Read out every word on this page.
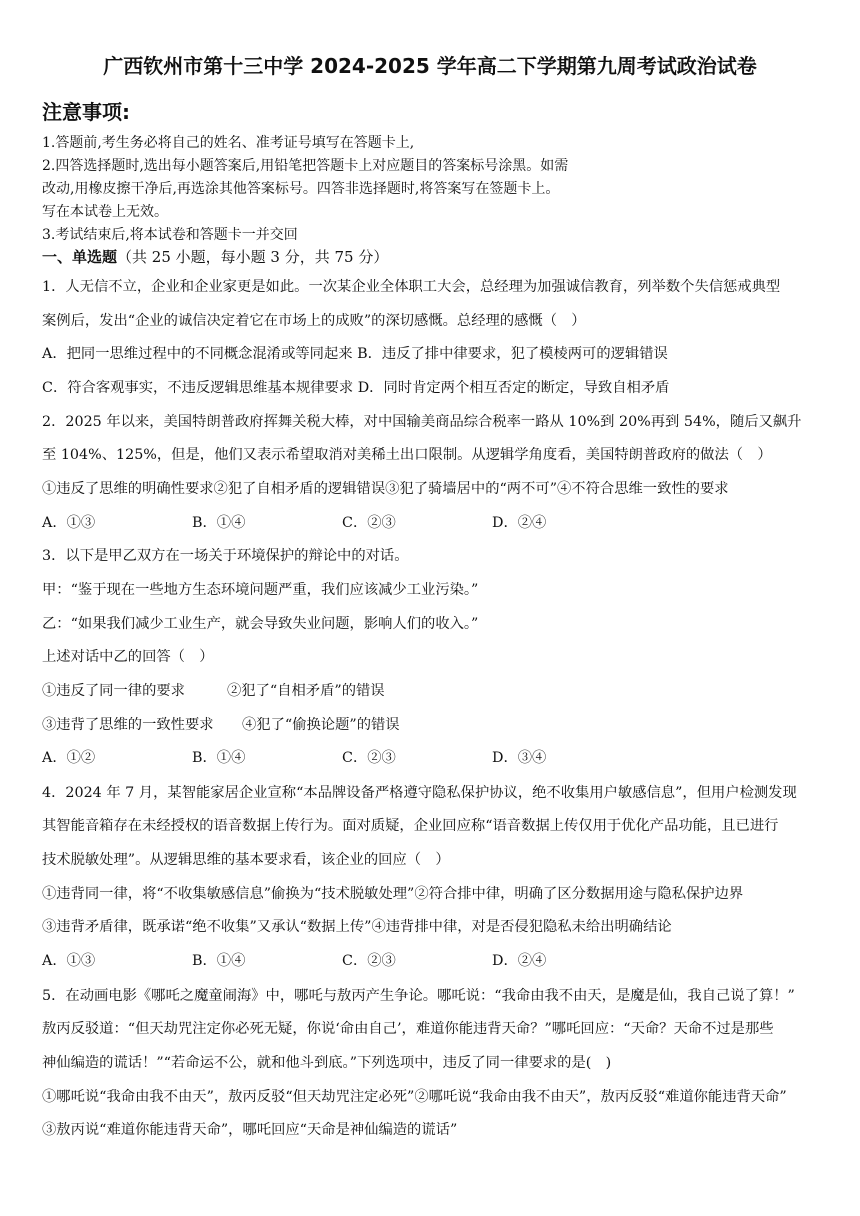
广西钦州市第十三中学 2024-2025 学年高二下学期第九周考试政治试卷
注意事项:
1.答题前,考生务必将自己的姓名、准考证号填写在答题卡上,
2.四答选择题时,选出每小题答案后,用铅笔把答题卡上对应题目的答案标号涂黑。如需
改动,用橡皮擦干净后,再选涂其他答案标号。四答非选择题时,将答案写在签题卡上。
写在本试卷上无效。
3.考试结束后,将本试卷和答题卡一并交回
一、单选题（共 25 小题，每小题 3 分，共 75 分）
1．人无信不立，企业和企业家更是如此。一次某企业全体职工大会，总经理为加强诚信教育，列举数个失信惩戒典型
案例后，发出“企业的诚信决定着它在市场上的成败”的深切感慨。总经理的感慨（　）
A．把同一思维过程中的不同概念混淆或等同起来 B．违反了排中律要求，犯了模棱两可的逻辑错误
C．符合客观事实，不违反逻辑思维基本规律要求 D．同时肯定两个相互否定的断定，导致自相矛盾
2．2025 年以来，美国特朗普政府挥舞关税大棒，对中国输美商品综合税率一路从 10%到 20%再到 54%，随后又飙升
至 104%、125%，但是，他们又表示希望取消对美稀土出口限制。从逻辑学角度看，美国特朗普政府的做法（　）
①违反了思维的明确性要求②犯了自相矛盾的逻辑错误③犯了骑墙居中的“两不可”④不符合思维一致性的要求
A．①③	B．①④	C．②③	D．②④
3．以下是甲乙双方在一场关于环境保护的辩论中的对话。
甲：“鉴于现在一些地方生态环境问题严重，我们应该减少工业污染。”
乙：“如果我们减少工业生产，就会导致失业问题，影响人们的收入。”
上述对话中乙的回答（　）
①违反了同一律的要求	②犯了“自相矛盾”的错误
③违背了思维的一致性要求 ④犯了“偷换论题”的错误
A．①②	B．①④	C．②③	D．③④
4．2024 年 7 月，某智能家居企业宣称“本品牌设备严格遵守隐私保护协议，绝不收集用户敏感信息”，但用户检测发现
其智能音箱存在未经授权的语音数据上传行为。面对质疑，企业回应称“语音数据上传仅用于优化产品功能，且已进行
技术脱敏处理”。从逻辑思维的基本要求看，该企业的回应（　）
①违背同一律，将“不收集敏感信息”偷换为“技术脱敏处理”②符合排中律，明确了区分数据用途与隐私保护边界
③违背矛盾律，既承诺“绝不收集”又承认“数据上传”④违背排中律，对是否侵犯隐私未给出明确结论
A．①③	B．①④	C．②③	D．②④
5．在动画电影《哪吒之魔童闹海》中，哪吒与敖丙产生争论。哪吒说：“我命由我不由天，是魔是仙，我自己说了算！”
敖丙反驳道：“但天劫咒注定你必死无疑，你说‘命由自己’，难道你能违背天命？”哪吒回应：“天命？天命不过是那些
神仙编造的谎话！”“若命运不公，就和他斗到底。”下列选项中，违反了同一律要求的是(　)
①哪吒说“我命由我不由天”，敖丙反驳“但天劫咒注定必死”②哪吒说“我命由我不由天”，敖丙反驳“难道你能违背天命”
③敖丙说“难道你能违背天命”，哪吒回应“天命是神仙编造的谎话”
